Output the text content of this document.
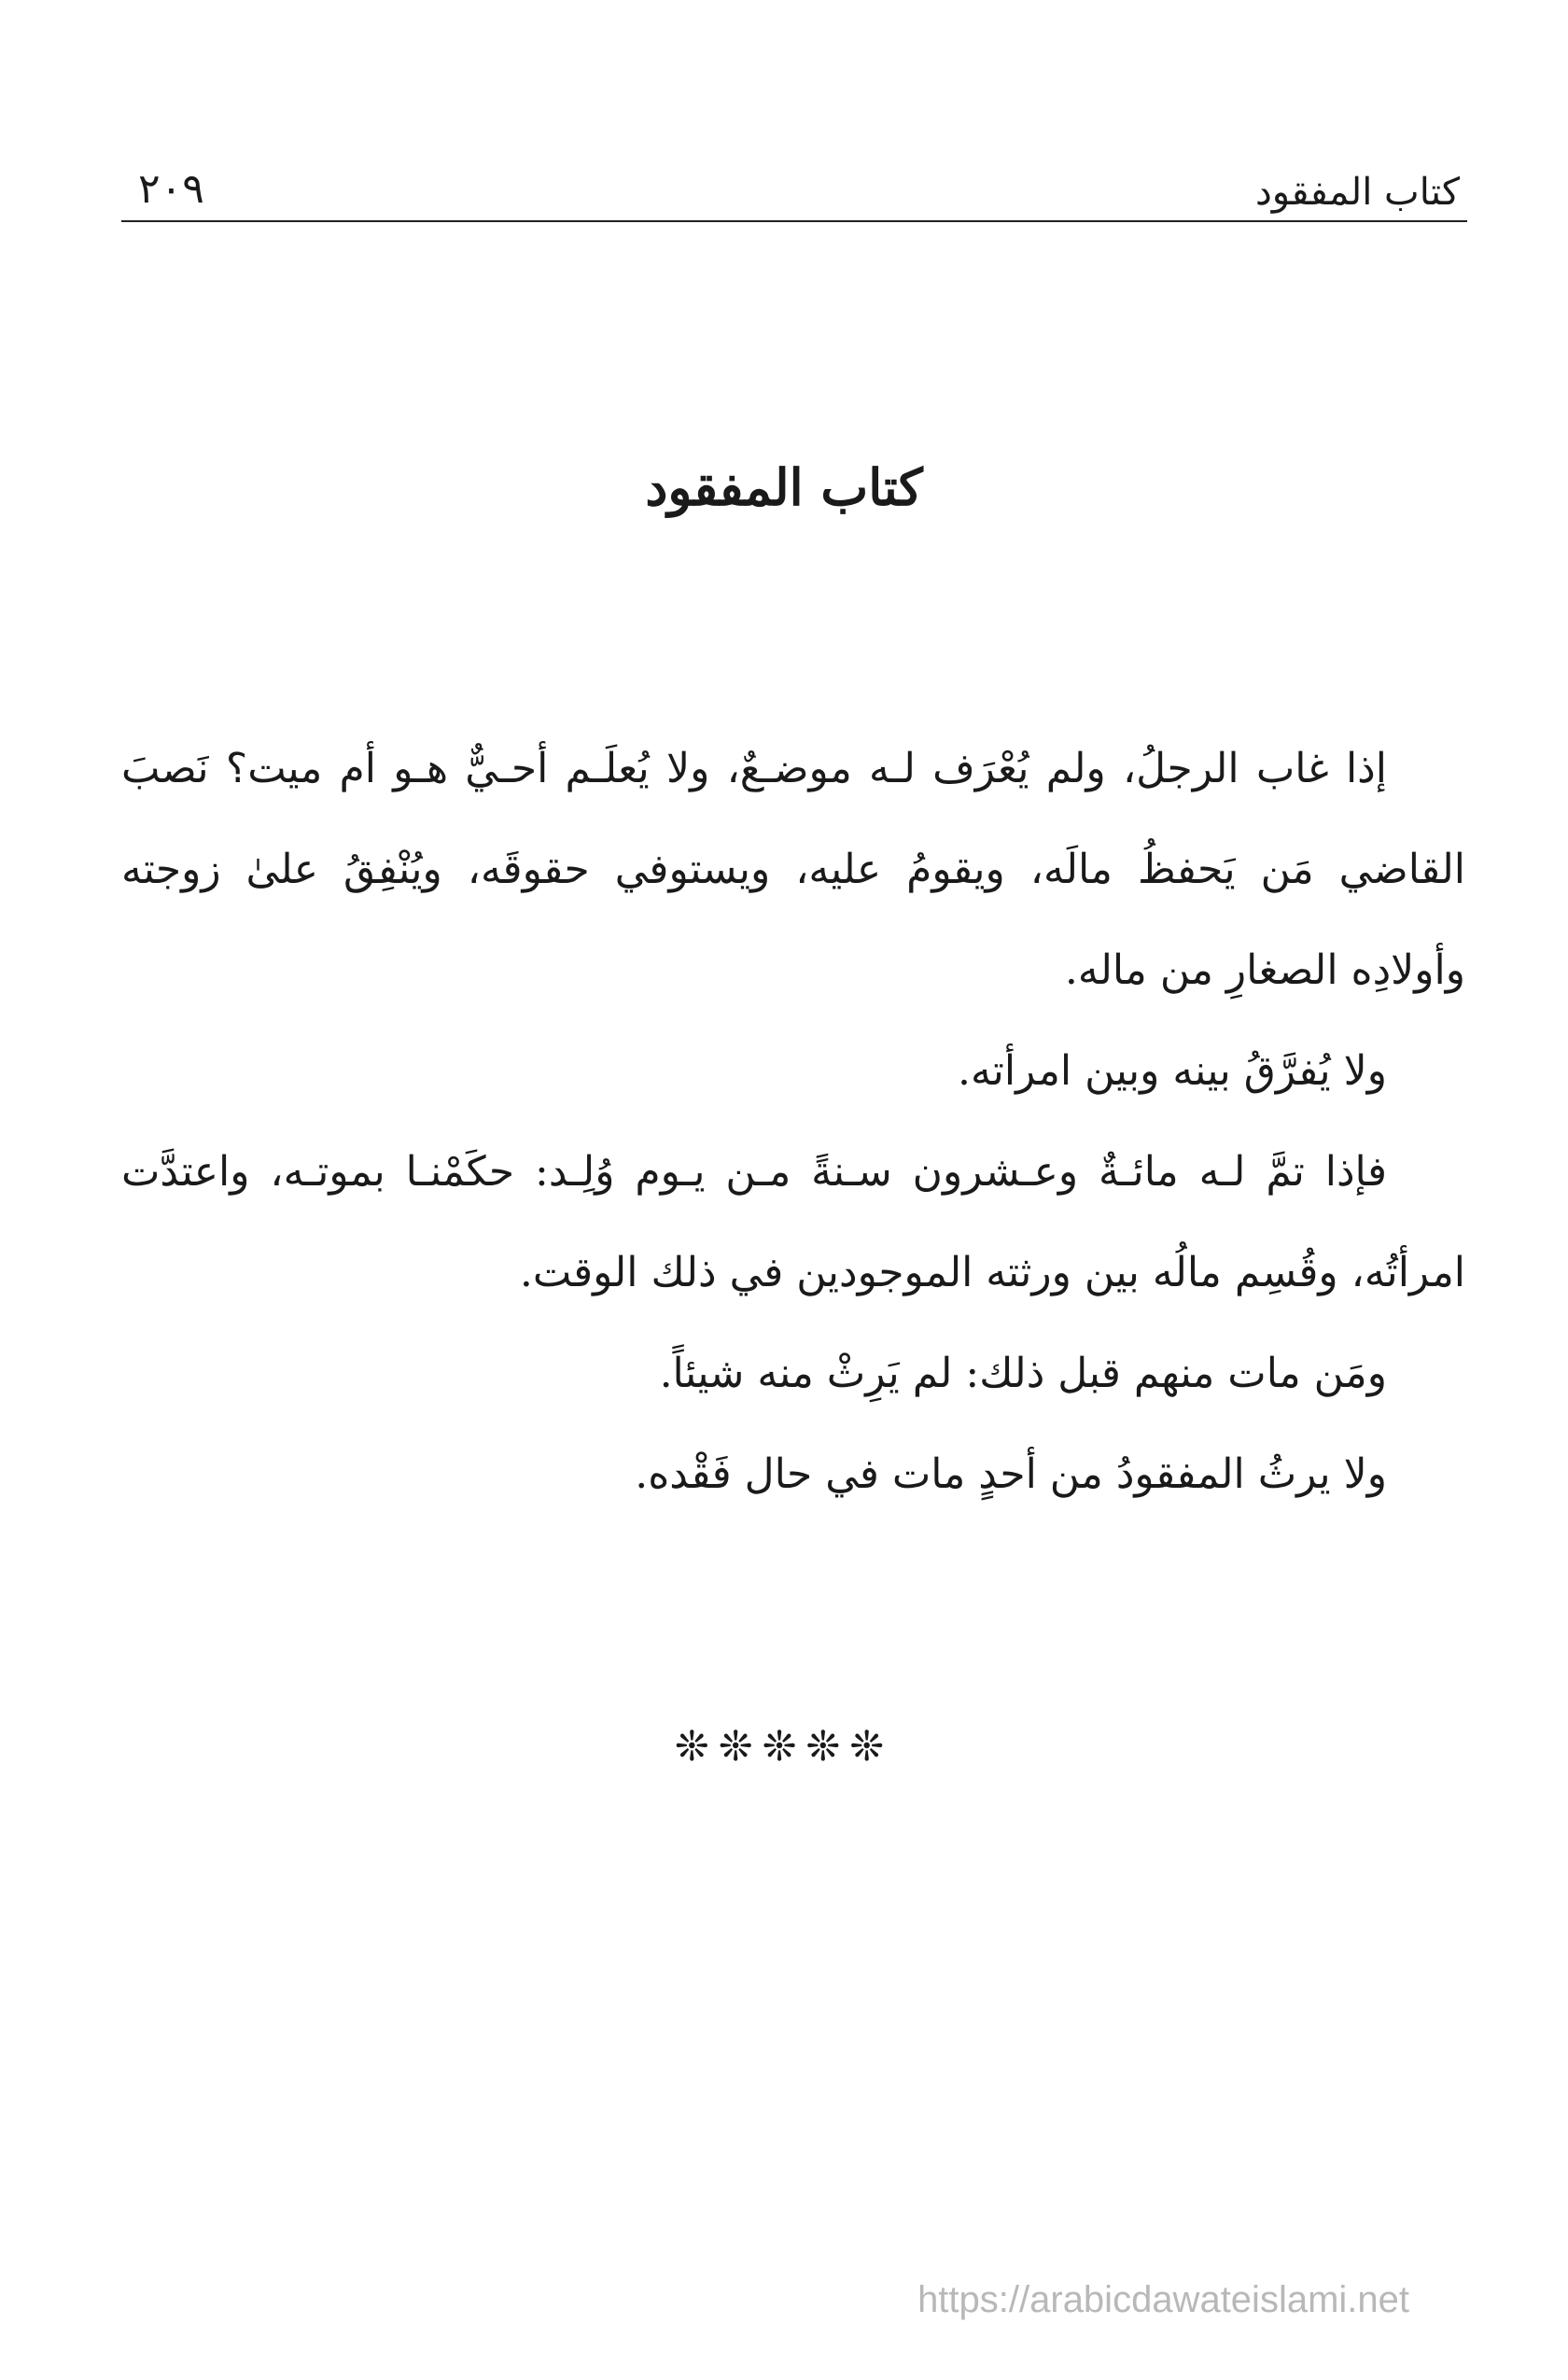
كتاب المفقود
٢٠٩
كتاب المفقود

إذا غاب الرجلُ، ولم يُعْرَف لـه موضـعٌ، ولا يُعلَـم أحـيٌّ هـو أم ميت؟ نَصبَ القاضي مَن يَحفظُ مالَه، ويقومُ عليه، ويستوفي حقوقَه، ويُنْفِقُ علىٰ زوجته وأولادِه الصغارِ من ماله.

ولا يُفرَّقُ بينه وبين امرأته.

فإذا تمَّ لـه مائـةٌ وعـشرون سـنةً مـن يـوم وُلِـد: حكَمْنـا بموتـه، واعتدَّت امرأتُه، وقُسِم مالُه بين ورثته الموجودين في ذلك الوقت.

ومَن مات منهم قبل ذلك: لم يَرِثْ منه شيئاً.

ولا يرثُ المفقودُ من أحدٍ مات في حال فَقْده.

❊❊❊❊❊
https://arabicdawateislami.net
